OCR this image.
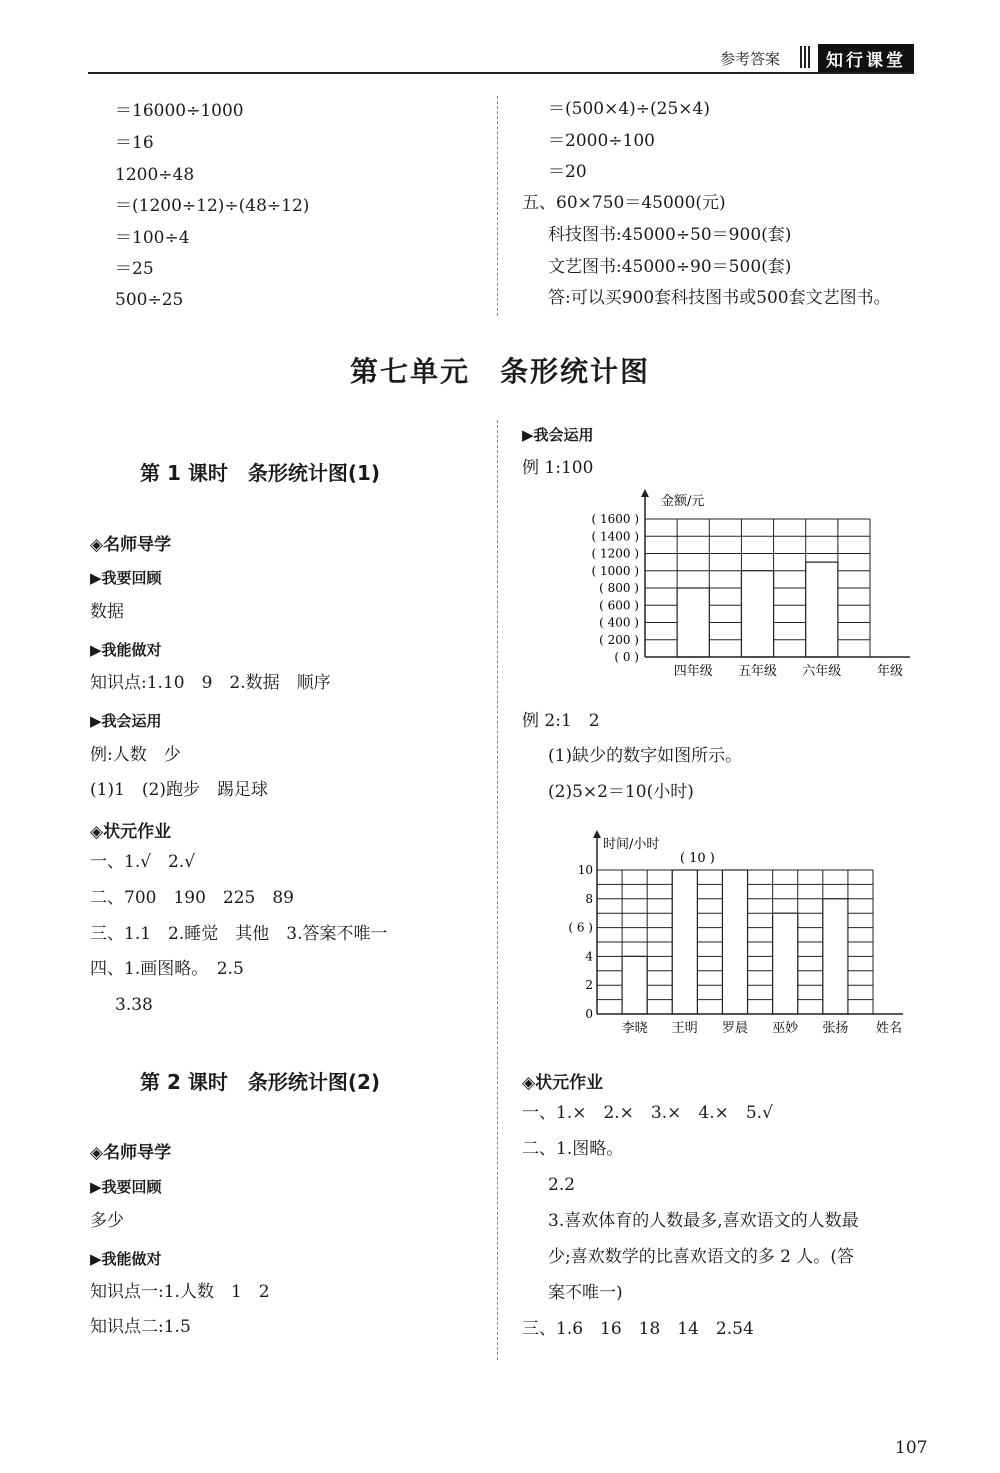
参考答案	知行课堂
＝16000÷1000
＝16
1200÷48
＝(1200÷12)÷(48÷12)
＝100÷4
＝25
500÷25
＝(500×4)÷(25×4)
＝2000÷100
＝20
五、60×750＝45000(元)
科技图书:45000÷50＝900(套)
文艺图书:45000÷90＝500(套)
答:可以买900套科技图书或500套文艺图书。
第七单元　条形统计图
第 1 课时　条形统计图(1)
◈名师导学
▶我要回顾
数据
▶我能做对
知识点:1.10　9　2.数据　顺序
▶我会运用
例:人数　少
(1)1　(2)跑步　踢足球
◈状元作业
一、1.√　2.√
二、700　190　225　89
三、1.1　2.睡觉　其他　3.答案不唯一
四、1.画图略。　2.5
3.38
第 2 课时　条形统计图(2)
◈名师导学
▶我要回顾
多少
▶我能做对
知识点一:1.人数　1　2
知识点二:1.5
▶我会运用
例 1:100
( 0 )
( 200 )
( 400 )
( 600 )
( 800 )
( 1000 )
( 1200 )
( 1400 )
( 1600 )
四年级 五年级 六年级	年级
金额/元
例 2:1　2
(1)缺少的数字如图所示。
(2)5×2＝10(小时)
0
2
4
( 6 )
8
10
李晓 王明 罗晨 巫妙 张扬 姓名
时间/小时
( 10 )
◈状元作业
一、1.×　2.×　3.×　4.×　5.√
二、1.图略。
2.2
3.喜欢体育的人数最多,喜欢语文的人数最
少;喜欢数学的比喜欢语文的多 2 人。(答
案不唯一)
三、1.6　16　18　14　2.54
107
